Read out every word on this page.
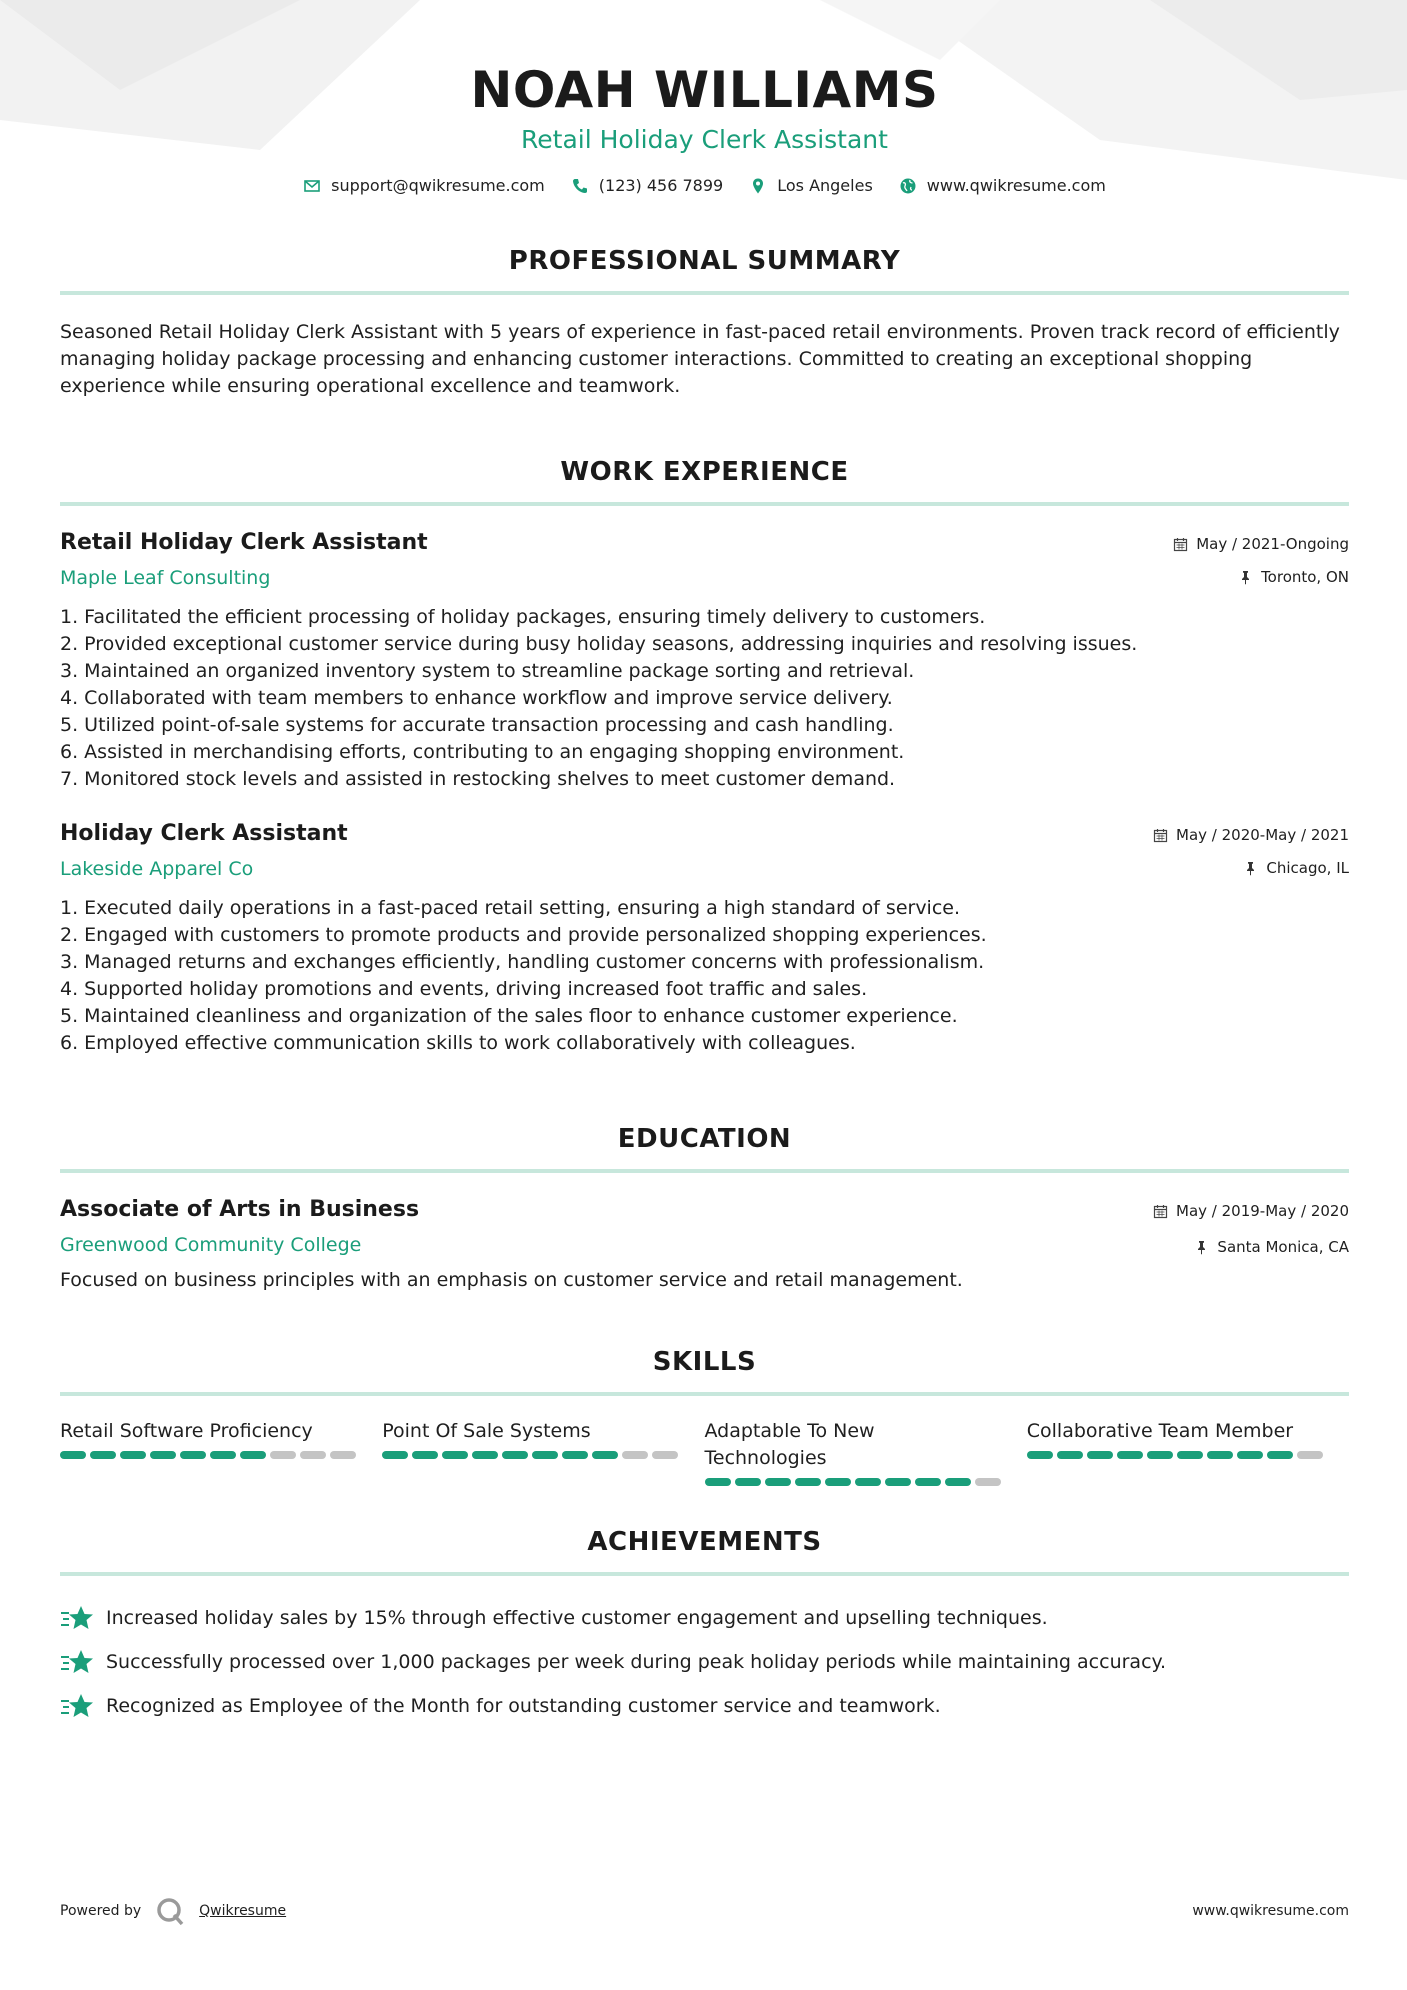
NOAH WILLIAMS
Retail Holiday Clerk Assistant
support@qwikresume.com	(123) 456 7899	Los Angeles	www.qwikresume.com
PROFESSIONAL SUMMARY
Seasoned Retail Holiday Clerk Assistant with 5 years of experience in fast-paced retail environments. Proven track record of efficiently managing holiday package processing and enhancing customer interactions. Committed to creating an exceptional shopping experience while ensuring operational excellence and teamwork.
WORK EXPERIENCE
Retail Holiday Clerk Assistant
Maple Leaf Consulting
May / 2021-Ongoing
Toronto, ON
1. Facilitated the efficient processing of holiday packages, ensuring timely delivery to customers.
2. Provided exceptional customer service during busy holiday seasons, addressing inquiries and resolving issues.
3. Maintained an organized inventory system to streamline package sorting and retrieval.
4. Collaborated with team members to enhance workflow and improve service delivery.
5. Utilized point-of-sale systems for accurate transaction processing and cash handling.
6. Assisted in merchandising efforts, contributing to an engaging shopping environment.
7. Monitored stock levels and assisted in restocking shelves to meet customer demand.
Holiday Clerk Assistant
Lakeside Apparel Co
May / 2020-May / 2021
Chicago, IL
1. Executed daily operations in a fast-paced retail setting, ensuring a high standard of service.
2. Engaged with customers to promote products and provide personalized shopping experiences.
3. Managed returns and exchanges efficiently, handling customer concerns with professionalism.
4. Supported holiday promotions and events, driving increased foot traffic and sales.
5. Maintained cleanliness and organization of the sales floor to enhance customer experience.
6. Employed effective communication skills to work collaboratively with colleagues.
EDUCATION
Associate of Arts in Business
Greenwood Community College
May / 2019-May / 2020
Santa Monica, CA
Focused on business principles with an emphasis on customer service and retail management.
SKILLS
Retail Software Proficiency	Point Of Sale Systems	Adaptable To New Technologies
Collaborative Team Member
ACHIEVEMENTS
Increased holiday sales by 15% through effective customer engagement and upselling techniques.
Successfully processed over 1,000 packages per week during peak holiday periods while maintaining accuracy.
Recognized as Employee of the Month for outstanding customer service and teamwork.
Powered by	Qwikresume	www.qwikresume.com
